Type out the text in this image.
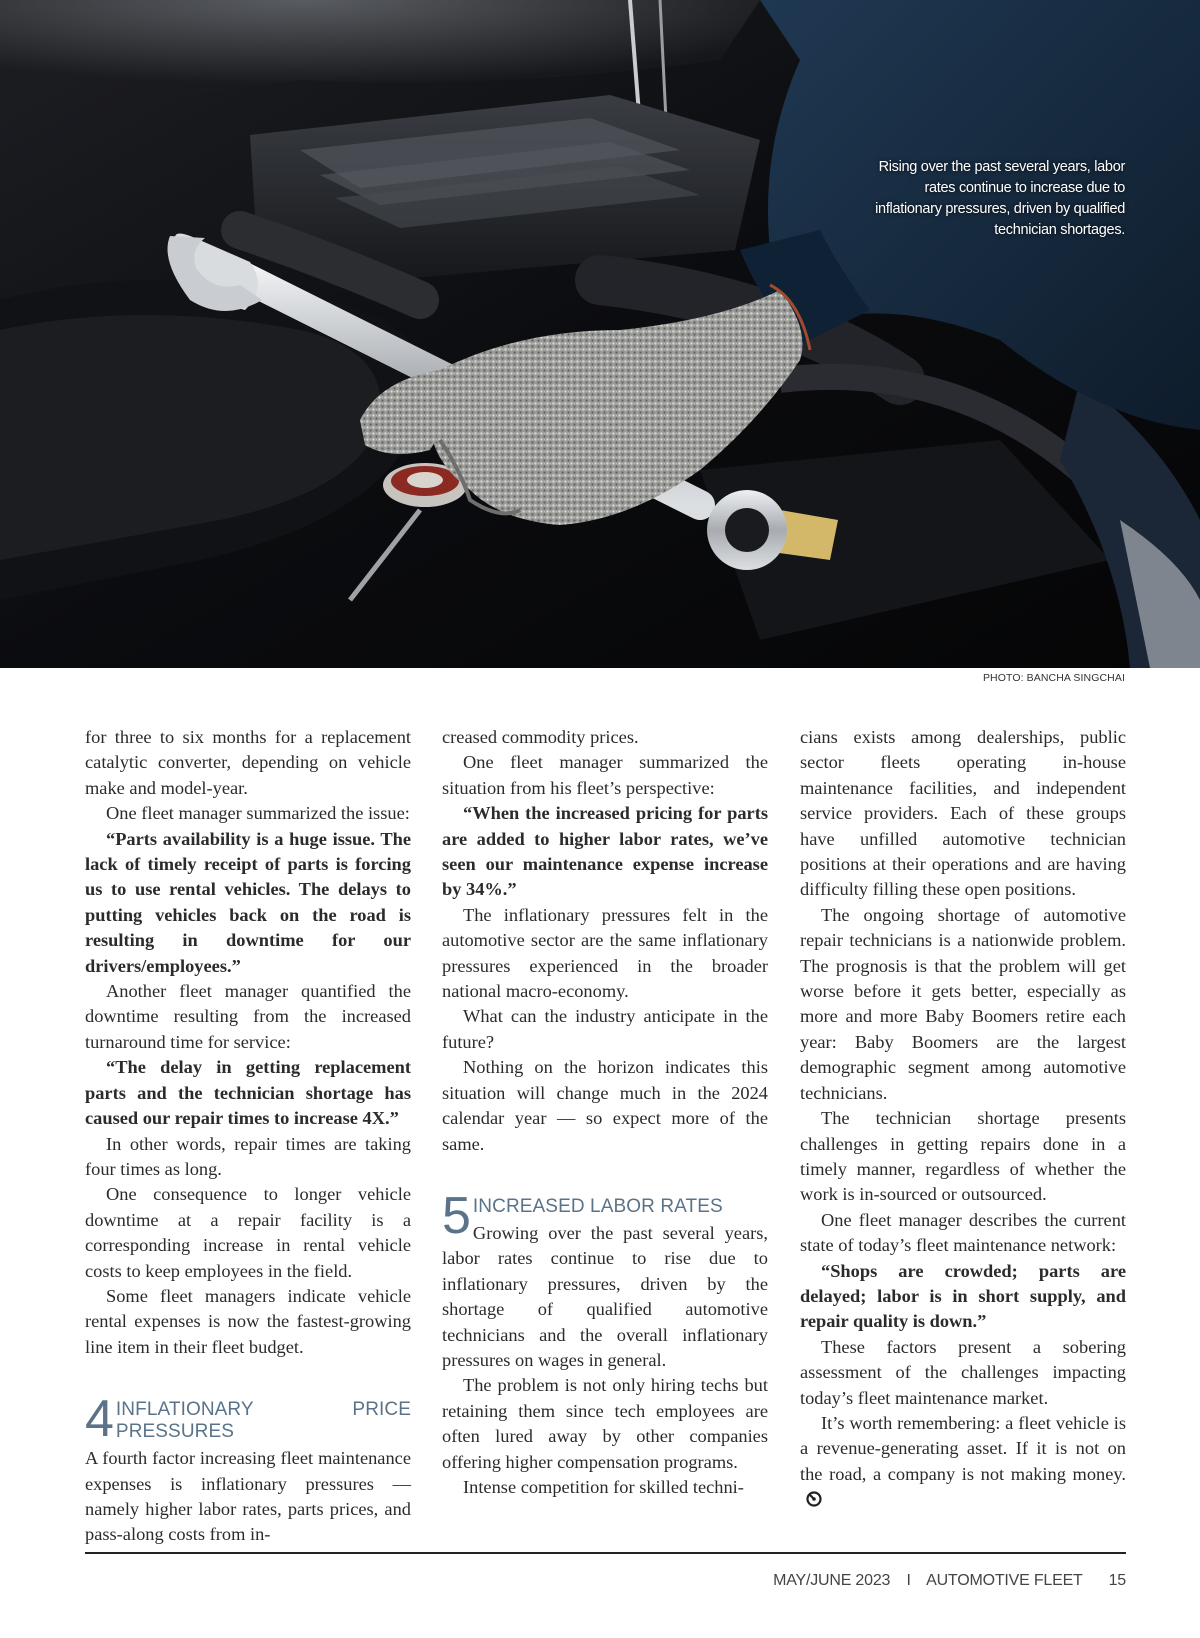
Rising over the past several years, labor rates continue to increase due to inflationary pressures, driven by qualified technician shortages.
PHOTO: BANCHA SINGCHAI

for three to six months for a replacement catalytic converter, depending on vehicle make and model-year.

One fleet manager summarized the issue:

“Parts availability is a huge issue. The lack of timely receipt of parts is forcing us to use rental vehicles. The delays to putting vehicles back on the road is resulting in downtime for our drivers/employees.”

Another fleet manager quantified the downtime resulting from the increased turnaround time for service:

“The delay in getting replacement parts and the technician shortage has caused our repair times to increase 4X.”

In other words, repair times are taking four times as long.

One consequence to longer vehicle downtime at a repair facility is a corresponding increase in rental vehicle costs to keep employees in the field.

Some fleet managers indicate vehicle rental expenses is now the fastest-growing line item in their fleet budget.

4 INFLATIONARY PRICE PRESSURES
A fourth factor increasing fleet maintenance expenses is inflationary pressures — namely higher labor rates, parts prices, and pass-along costs from in-

creased commodity prices.

One fleet manager summarized the situation from his fleet’s perspective:

“When the increased pricing for parts are added to higher labor rates, we’ve seen our maintenance expense increase by 34%.”

The inflationary pressures felt in the automotive sector are the same inflationary pressures experienced in the broader national macro-economy.

What can the industry anticipate in the future?

Nothing on the horizon indicates this situation will change much in the 2024 calendar year — so expect more of the same.

5 INCREASED LABOR RATES
Growing over the past several years, labor rates continue to rise due to inflationary pressures, driven by the shortage of qualified automotive technicians and the overall inflationary pressures on wages in general.

The problem is not only hiring techs but retaining them since tech employees are often lured away by other companies offering higher compensation programs.

Intense competition for skilled techni-

cians exists among dealerships, public sector fleets operating in-house maintenance facilities, and independent service providers. Each of these groups have unfilled automotive technician positions at their operations and are having difficulty filling these open positions.

The ongoing shortage of automotive repair technicians is a nationwide problem. The prognosis is that the problem will get worse before it gets better, especially as more and more Baby Boomers retire each year: Baby Boomers are the largest demographic segment among automotive technicians.

The technician shortage presents challenges in getting repairs done in a timely manner, regardless of whether the work is in-sourced or outsourced.

One fleet manager describes the current state of today’s fleet maintenance network:

“Shops are crowded; parts are delayed; labor is in short supply, and repair quality is down.”

These factors present a sobering assessment of the challenges impacting today’s fleet maintenance market.

It’s worth remembering: a fleet vehicle is a revenue-generating asset. If it is not on the road, a company is not making money.

MAY/JUNE 2023 I AUTOMOTIVE FLEET 15
